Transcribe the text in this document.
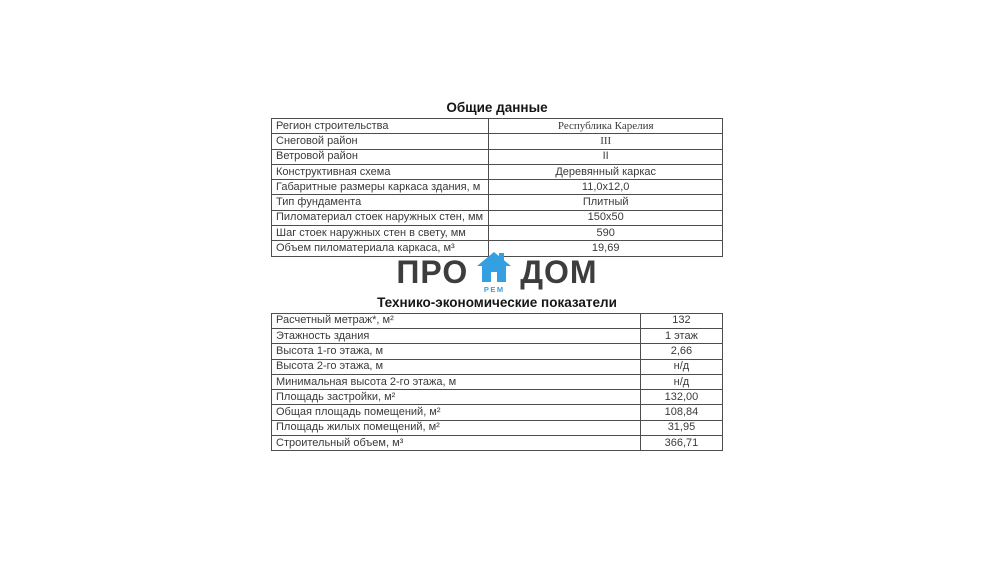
Общие данные
Регион строительства	Республика Карелия
Снеговой район	III
Ветровой район	II
Конструктивная схема	Деревянный каркас
Габаритные размеры каркаса здания, м	11,0x12,0
Тип фундамента	Плитный
Пиломатериал стоек наружных стен, мм	150x50
Шаг стоек наружных стен в свету, мм	590
Объем пиломатериала каркаса, м³	19,69
ПРО РЕМ ДОМ
Технико-экономические показатели
Расчетный метраж*, м²	132
Этажность здания	1 этаж
Высота 1-го этажа, м	2,66
Высота 2-го этажа, м	н/д
Минимальная высота 2-го этажа, м	н/д
Площадь застройки, м²	132,00
Общая площадь помещений, м²	108,84
Площадь жилых помещений, м²	31,95
Строительный объем, м³	366,71
